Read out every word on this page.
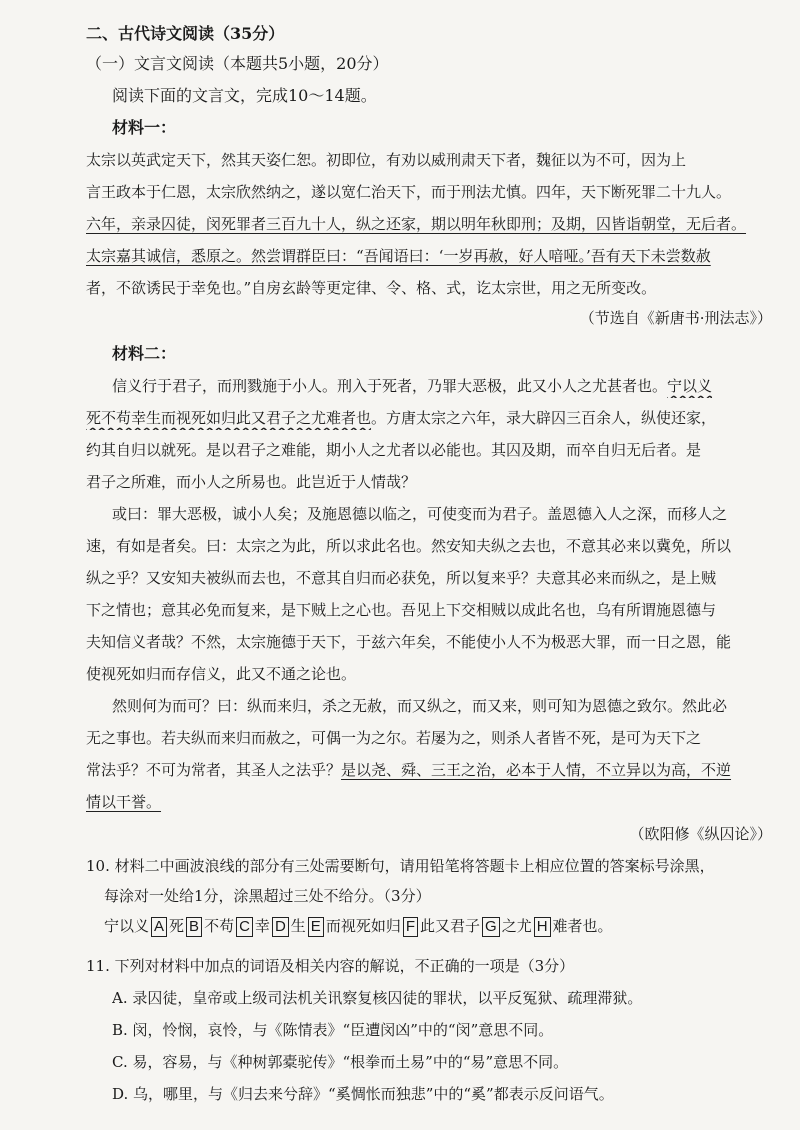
二、古代诗文阅读（35分）
（一）文言文阅读（本题共5小题，20分）
阅读下面的文言文，完成10～14题。
材料一：
太宗以英武定天下，然其天姿仁恕。初即位，有劝以威刑肃天下者，魏征以为不可，因为上
言王政本于仁恩，太宗欣然纳之，遂以宽仁治天下，而于刑法尤慎。四年，天下断死罪二十九人。
六年，亲录囚徒，闵死罪者三百九十人，纵之还家，期以明年秋即刑；及期，囚皆诣朝堂，无后者。
太宗嘉其诚信，悉原之。然尝谓群臣曰：“吾闻语曰：‘一岁再赦，好人喑哑。’吾有天下未尝数赦
者，不欲诱民于幸免也。”自房玄龄等更定律、令、格、式，讫太宗世，用之无所变改。
（节选自《新唐书·刑法志》）
材料二：
信义行于君子，而刑戮施于小人。刑入于死者，乃罪大恶极，此又小人之尤甚者也。宁以义
死不苟幸生而视死如归此又君子之尤难者也。方唐太宗之六年，录大辟囚三百余人，纵使还家，
约其自归以就死。是以君子之难能，期小人之尤者以必能也。其囚及期，而卒自归无后者。是
君子之所难，而小人之所易也。此岂近于人情哉？
或曰：罪大恶极，诚小人矣；及施恩德以临之，可使变而为君子。盖恩德入人之深，而移人之
速，有如是者矣。曰：太宗之为此，所以求此名也。然安知夫纵之去也，不意其必来以冀免，所以
纵之乎？又安知夫被纵而去也，不意其自归而必获免，所以复来乎？夫意其必来而纵之，是上贼
下之情也；意其必免而复来，是下贼上之心也。吾见上下交相贼以成此名也，乌有所谓施恩德与
夫知信义者哉？不然，太宗施德于天下，于兹六年矣，不能使小人不为极恶大罪，而一日之恩，能
使视死如归而存信义，此又不通之论也。
然则何为而可？曰：纵而来归，杀之无赦，而又纵之，而又来，则可知为恩德之致尔。然此必
无之事也。若夫纵而来归而赦之，可偶一为之尔。若屡为之，则杀人者皆不死，是可为天下之
常法乎？不可为常者，其圣人之法乎？是以尧、舜、三王之治，必本于人情，不立异以为高，不逆
情以干誉。
（欧阳修《纵囚论》）
10. 材料二中画波浪线的部分有三处需要断句，请用铅笔将答题卡上相应位置的答案标号涂黑，
每涂对一处给1分，涂黑超过三处不给分。（3分）
宁以义 A 死 B 不苟 C 幸 D 生 E 而视死如归 F 此又君子 G 之尤 H 难者也。
11. 下列对材料中加点的词语及相关内容的解说，不正确的一项是（3分）
A. 录囚徒，皇帝或上级司法机关讯察复核囚徒的罪状，以平反冤狱、疏理滞狱。
B. 闵，怜悯，哀怜，与《陈情表》“臣遭闵凶”中的“闵”意思不同。
C. 易，容易，与《种树郭橐驼传》“根拳而土易”中的“易”意思不同。
D. 乌，哪里，与《归去来兮辞》“奚惆怅而独悲”中的“奚”都表示反问语气。
